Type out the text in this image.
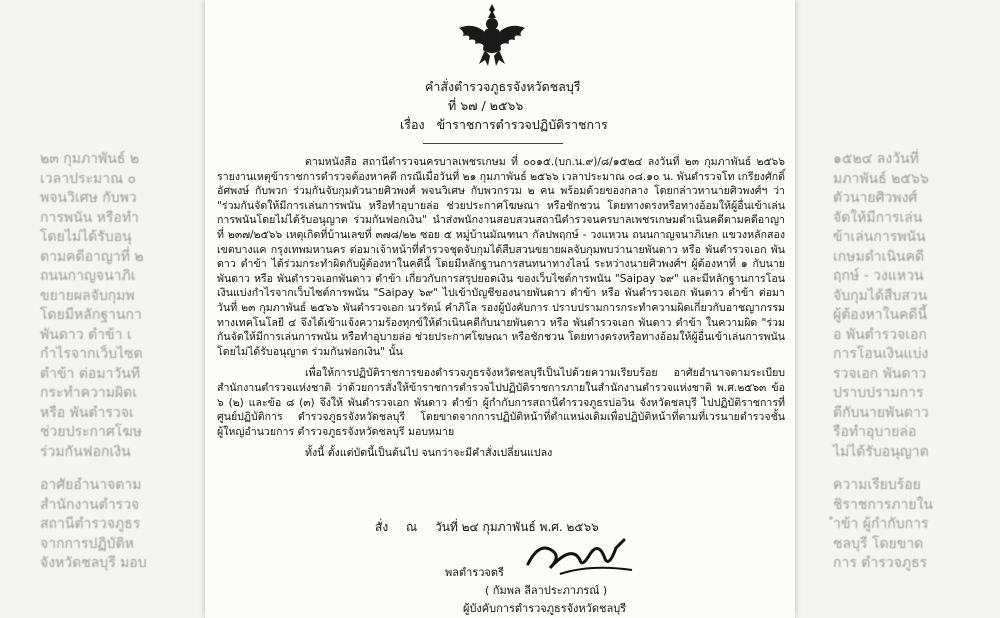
๒๓ กุมภาพันธ์ ๒
เวลาประมาณ ๐
พจนวิเศษ กับพว
การพนัน หรือทำ
โดยไม่ได้รับอนุ
ตามคดีอาญาที่ ๒
ถนนกาญจนาภิเ
ขยายผลจับกุมพ
โดยมีหลักฐานกา
พันดาว ตำข้า เ
กำไรจากเว็บไซต
ตำข้า ต่อมาวันที
กระทำความผิดเ
หรือ พันตำรวจเ
ช่วยประกาศโฆษ
ร่วมกันฟอกเงิน
อาศัยอำนาจตาม
สำนักงานตำรวจ
สถานีตำรวจภูธร
จากการปฏิบัติห
จังหวัดชลบุรี มอบ
๑๕๒๔ ลงวันที่
มภาพันธ์ ๒๕๖๖
ตัวนายศิวพงศ์
จัดให้มีการเล่น
ข้าเล่นการพนัน
เกษมดำเนินคดี
ฤกษ์ - วงแหวน
จับกุมได้สืบสวน
ผู้ต้องหาในคดีนี้
อ พันตำรวจเอก
การโอนเงินแบ่ง
รวจเอก พันดาว
ปราบปรามการ
ดีกับนายพันดาว
รือทำอุบายล่อ
ไม่ได้รับอนุญาต
ความเรียบร้อย
ชิราชการภายใน
ำข้า ผู้กำกับการ
ชลบุรี โดยขาด
การ ตำรวจภูธร
คำสั่งตำรวจภูธรจังหวัดชลบุรี
ที่ ๖๗ / ๒๕๖๖
เรื่อง ข้าราชการตำรวจปฏิบัติราชการ

ตามหนังสือ สถานีตำรวจนครบาลเพชรเกษม ที่ ๐๐๑๕.(บก.น.๙)/๘/๑๕๒๔ ลงวันที่ ๒๓ กุมภาพันธ์ ๒๕๖๖ รายงานเหตุข้าราชการตำรวจต้องหาคดี กรณีเมื่อวันที่ ๒๑ กุมภาพันธ์ ๒๕๖๖ เวลาประมาณ ๐๘.๑๐ น. พันตำรวจโท เกรียงศักดิ์ อัศพงษ์ กับพวก ร่วมกันจับกุมตัวนายศิวพงศ์ พจนวิเศษ กับพวกรวม ๒ คน พร้อมด้วยของกลาง โดยกล่าวหานายศิวพงศ์ฯ ว่า "ร่วมกันจัดให้มีการเล่นการพนัน หรือทำอุบายล่อ ช่วยประกาศโฆษณา หรือชักชวน โดยทางตรงหรือทางอ้อมให้ผู้อื่นเข้าเล่นการพนันโดยไม่ได้รับอนุญาต ร่วมกันฟอกเงิน" นำส่งพนักงานสอบสวนสถานีตำรวจนครบาลเพชรเกษมดำเนินคดีตามคดีอาญาที่ ๒๓๗/๒๕๖๖ เหตุเกิดที่บ้านเลขที่ ๓๗๘/๒๒ ซอย ๕ หมู่บ้านมัณฑนา กัลปพฤกษ์ - วงแหวน ถนนกาญจนาภิเษก แขวงหลักสอง เขตบางแค กรุงเทพมหานคร ต่อมาเจ้าหน้าที่ตำรวจชุดจับกุมได้สืบสวนขยายผลจับกุมพบว่านายพันดาว หรือ พันตำรวจเอก พันดาว ตำข้า ได้ร่วมกระทำผิดกับผู้ต้องหาในคดีนี้ โดยมีหลักฐานการสนทนาทางไลน์ ระหว่างนายศิวพงศ์ฯ ผู้ต้องหาที่ ๑ กับนายพันดาว หรือ พันตำรวจเอกพันดาว ตำข้า เกี่ยวกับการสรุปยอดเงิน ของเว็บไซต์การพนัน "Saipay ๖๙" และมีหลักฐานการโอนเงินแบ่งกำไรจากเว็บไซต์การพนัน "Saipay ๖๙" ไปเข้าบัญชีของนายพันดาว ตำข้า หรือ พันตำรวจเอก พันดาว ตำข้า ต่อมาวันที่ ๒๓ กุมภาพันธ์ ๒๕๖๖ พันตำรวจเอก นวรัตน์ คำภิโล รองผู้บังคับการ ปราบปรามการกระทำความผิดเกี่ยวกับอาชญากรรมทางเทคโนโลยี ๔ จึงได้เข้าแจ้งความร้องทุกข์ให้ดำเนินคดีกับนายพันดาว หรือ พันตำรวจเอก พันดาว ตำข้า ในความผิด "ร่วมกันจัดให้มีการเล่นการพนัน หรือทำอุบายล่อ ช่วยประกาศโฆษณา หรือชักชวน โดยทางตรงหรือทางอ้อมให้ผู้อื่นเข้าเล่นการพนัน โดยไม่ได้รับอนุญาต ร่วมกันฟอกเงิน" นั้น

เพื่อให้การปฏิบัติราชการของตำรวจภูธรจังหวัดชลบุรีเป็นไปด้วยความเรียบร้อย อาศัยอำนาจตามระเบียบสำนักงานตำรวจแห่งชาติ ว่าด้วยการสั่งให้ข้าราชการตำรวจไปปฏิบัติราชการภายในสำนักงานตำรวจแห่งชาติ พ.ศ.๒๕๖๓ ข้อ ๖ (๒) และข้อ ๘ (๓) จึงให้ พันตำรวจเอก พันดาว ตำข้า ผู้กำกับการสถานีตำรวจภูธรบ่อวิน จังหวัดชลบุรี ไปปฏิบัติราชการที่ศูนย์ปฏิบัติการ ตำรวจภูธรจังหวัดชลบุรี โดยขาดจากการปฏิบัติหน้าที่ตำแหน่งเดิมเพื่อปฏิบัติหน้าที่ตามที่เวรนายตำรวจชั้นผู้ใหญ่อำนวยการ ตำรวจภูธรจังหวัดชลบุรี มอบหมาย

ทั้งนี้ ตั้งแต่บัดนี้เป็นต้นไป จนกว่าจะมีคำสั่งเปลี่ยนแปลง

สั่ง ณ วันที่ ๒๔ กุมภาพันธ์ พ.ศ. ๒๕๖๖
พลตำรวจตรี
( กัมพล ลีลาประภาภรณ์ )
ผู้บังคับการตำรวจภูธรจังหวัดชลบุรี
